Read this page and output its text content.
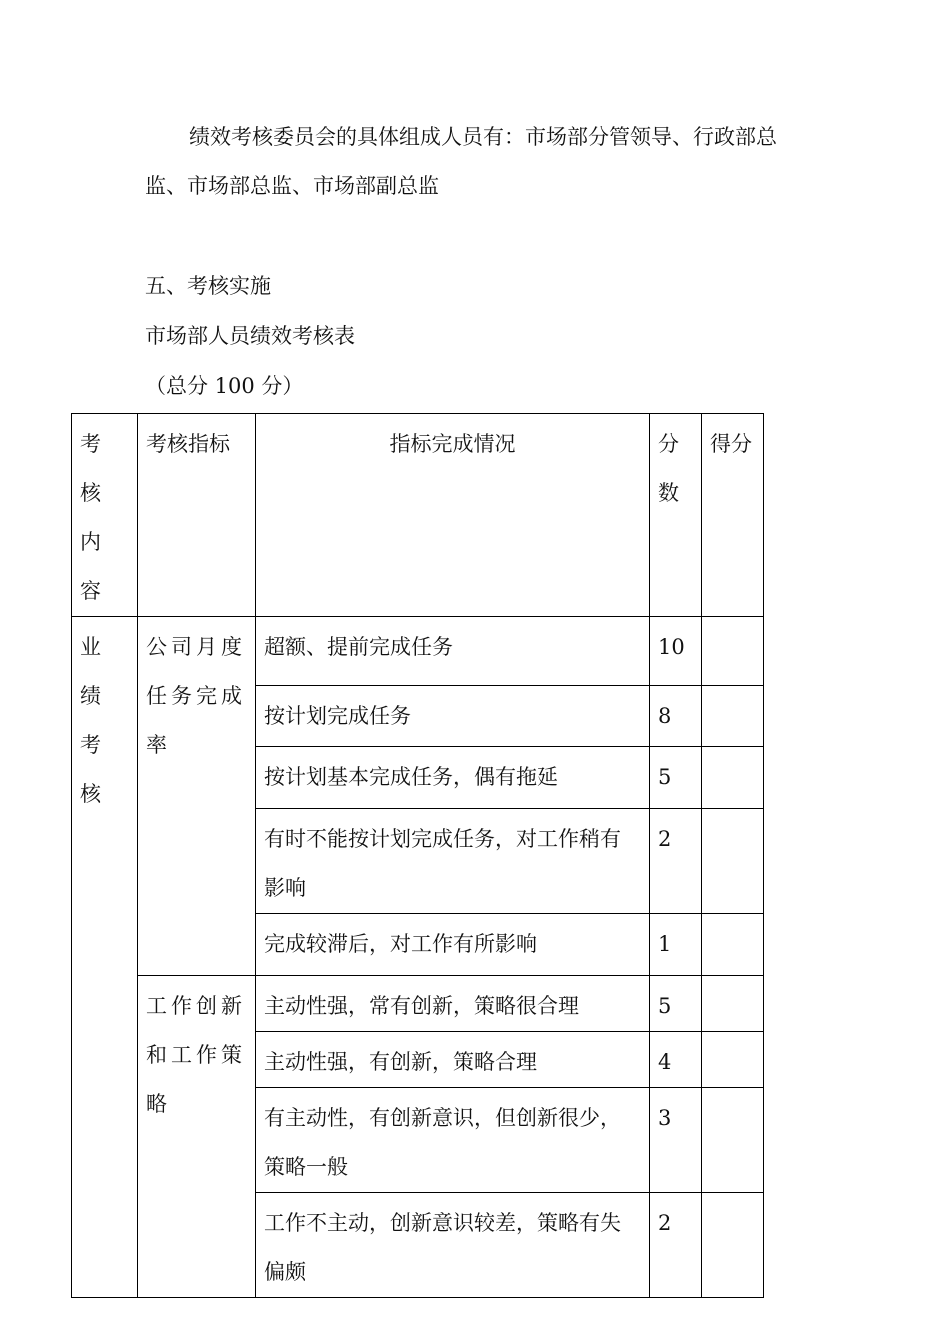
绩效考核委员会的具体组成人员有：市场部分管领导、行政部总
监、市场部总监、市场部副总监
五、考核实施
市场部人员绩效考核表
（总分 100 分）
考核内容	考核指标	指标完成情况	分数	得分
业绩考核	公司月度任务完成率	超额、提前完成任务	10	
		按计划完成任务	8	
		按计划基本完成任务，偶有拖延	5	
		有时不能按计划完成任务，对工作稍有影响	2	
		完成较滞后，对工作有所影响	1	
	工作创新和工作策略	主动性强，常有创新，策略很合理	5	
		主动性强，有创新，策略合理	4	
		有主动性，有创新意识，但创新很少，策略一般	3	
		工作不主动，创新意识较差，策略有失偏颇	2	
